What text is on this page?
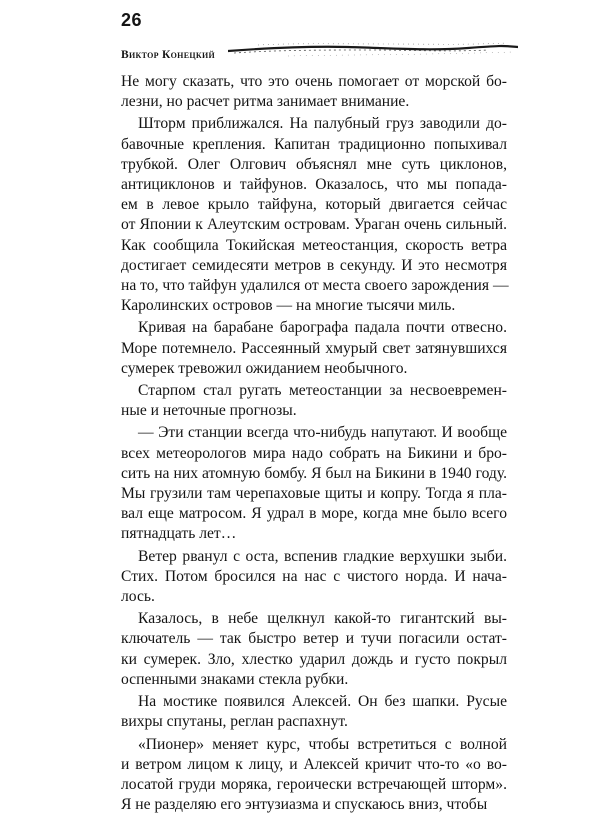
26
Виктор Конецкий

Не могу сказать, что это очень помогает от морской бо-
лезни, но расчет ритма занимает внимание.

Шторм приближался. На палубный груз заводили до-
бавочные крепления. Капитан традиционно попыхивал
трубкой. Олег Олгович объяснял мне суть циклонов,
антициклонов и тайфунов. Оказалось, что мы попада-
ем в левое крыло тайфуна, который двигается сейчас
от Японии к Алеутским островам. Ураган очень сильный.
Как сообщила Токийская метеостанция, скорость ветра
достигает семидесяти метров в секунду. И это несмотря
на то, что тайфун удалился от места своего зарождения —
Каролинских островов — на многие тысячи миль.

Кривая на барабане барографа падала почти отвесно.
Море потемнело. Рассеянный хмурый свет затянувшихся
сумерек тревожил ожиданием необычного.

Старпом стал ругать метеостанции за несвоевремен-
ные и неточные прогнозы.

— Эти станции всегда что-нибудь напутают. И вообще
всех метеорологов мира надо собрать на Бикини и бро-
сить на них атомную бомбу. Я был на Бикини в 1940 году.
Мы грузили там черепаховые щиты и копру. Тогда я пла-
вал еще матросом. Я удрал в море, когда мне было всего
пятнадцать лет…

Ветер рванул с оста, вспенив гладкие верхушки зыби.
Стих. Потом бросился на нас с чистого норда. И нача-
лось.

Казалось, в небе щелкнул какой-то гигантский вы-
ключатель — так быстро ветер и тучи погасили остат-
ки сумерек. Зло, хлестко ударил дождь и густо покрыл
оспенными знаками стекла рубки.

На мостике появился Алексей. Он без шапки. Русые
вихры спутаны, реглан распахнут.

«Пионер» меняет курс, чтобы встретиться с волной
и ветром лицом к лицу, и Алексей кричит что-то «о во-
лосатой груди моряка, героически встречающей шторм».
Я не разделяю его энтузиазма и спускаюсь вниз, чтобы
